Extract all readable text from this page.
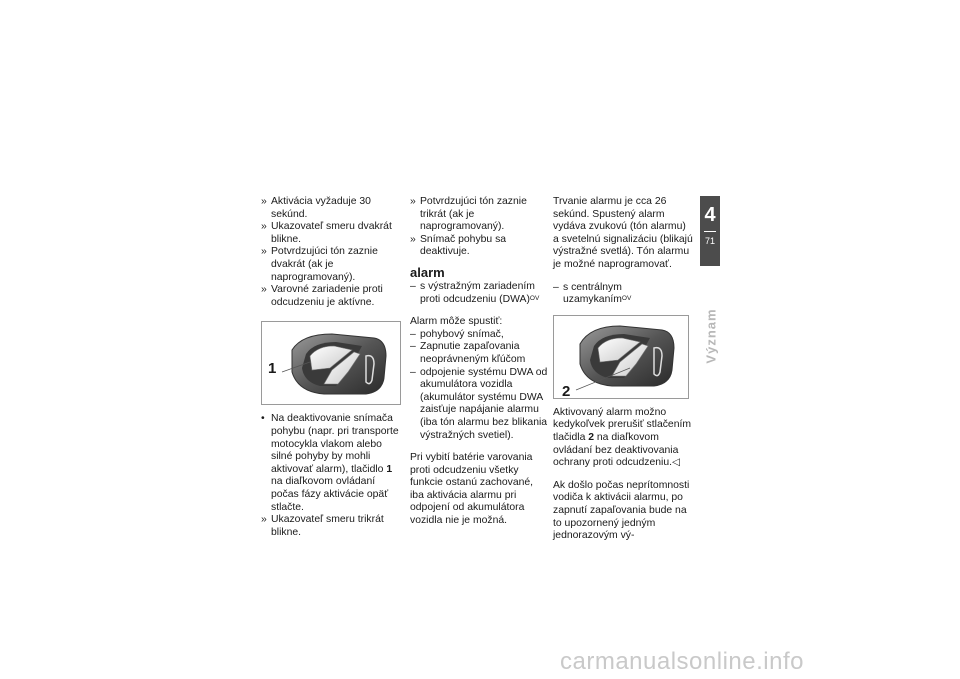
» Aktivácia vyžaduje 30 sekúnd.
» Ukazovateľ smeru dvakrát blikne.
» Potvrdzujúci tón zaznie dvakrát (ak je naprogramovaný).
» Varovné zariadenie proti odcudzeniu je aktívne.
1
• Na deaktivovanie snímača pohybu (napr. pri transporte motocykla vlakom alebo silné pohyby by mohli aktivovať alarm), tlačidlo 1 na diaľkovom ovládaní počas fázy aktivácie opäť stlačte.
» Ukazovateľ smeru trikrát blikne.
» Potvrdzujúci tón zaznie trikrát (ak je naprogramovaný).
» Snímač pohybu sa deaktivuje.
alarm
– s výstražným zariadením proti odcudzeniu (DWA)$^{OV}$

Alarm môže spustiť:

– pohybový snímač,
– Zapnutie zapaľovania neoprávneným kľúčom
– odpojenie systému DWA od akumulátora vozidla (akumulátor systému DWA zaisťuje napájanie alarmu (iba tón alarmu bez blikania výstražných svetiel).

Pri vybití batérie varovania proti odcudzeniu všetky funkcie ostanú zachované, iba aktivácia alarmu pri odpojení od akumulátora vozidla nie je možná.

Trvanie alarmu je cca 26 sekúnd. Spustený alarm vydáva zvukovú (tón alarmu) a svetelnú signalizáciu (blikajú výstražné svetlá). Tón alarmu je možné naprogramovať.

– s centrálnym uzamykaním$^{OV}$
2

Aktivovaný alarm možno kedykoľvek prerušiť stlačením tlačidla 2 na diaľkovom ovládaní bez deaktivovania ochrany proti odcudzeniu.◁

Ak došlo počas neprítomnosti vodiča k aktivácii alarmu, po zapnutí zapaľovania bude na to upozornený jedným jednorazovým vý-

4
71
Význam
carmanualsonline.info
